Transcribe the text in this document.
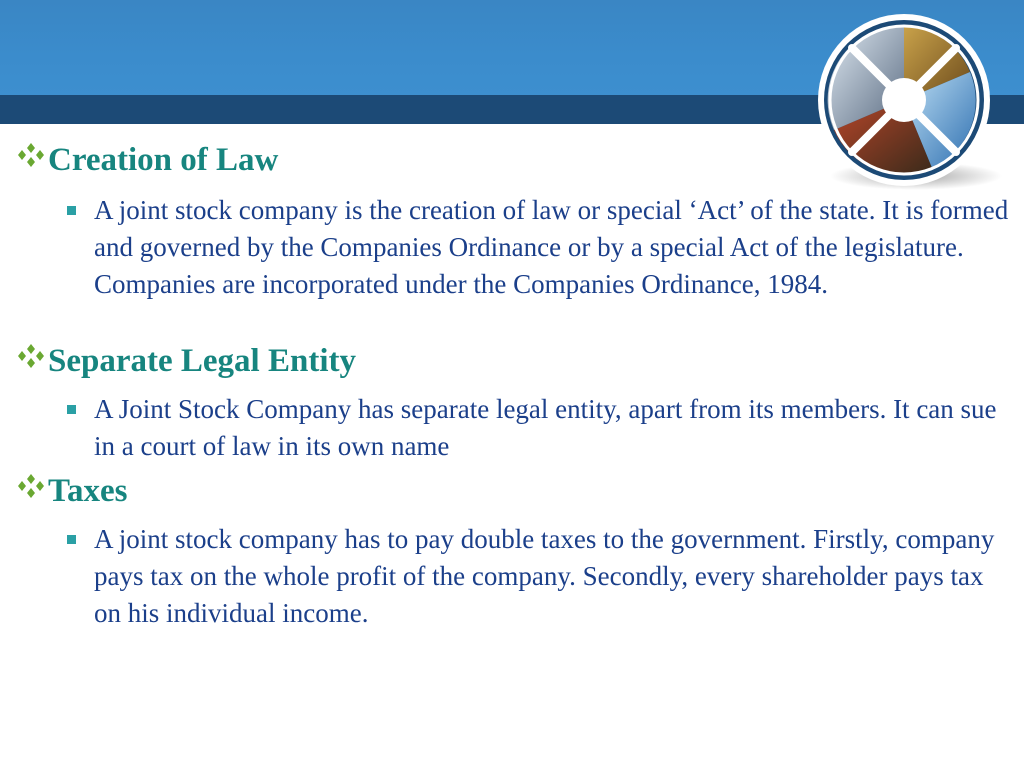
Creation of Law
A joint stock company is the creation of law or special ‘Act’ of the state. It is formed and governed by the Companies Ordinance or by a special Act of the legislature. Companies are incorporated under the Companies Ordinance, 1984.
Separate Legal Entity
A Joint Stock Company has separate legal entity, apart from its members. It can sue in a court of law in its own name
Taxes
A joint stock company has to pay double taxes to the government. Firstly, company pays tax on the whole profit of the company. Secondly, every shareholder pays tax on his individual income.
